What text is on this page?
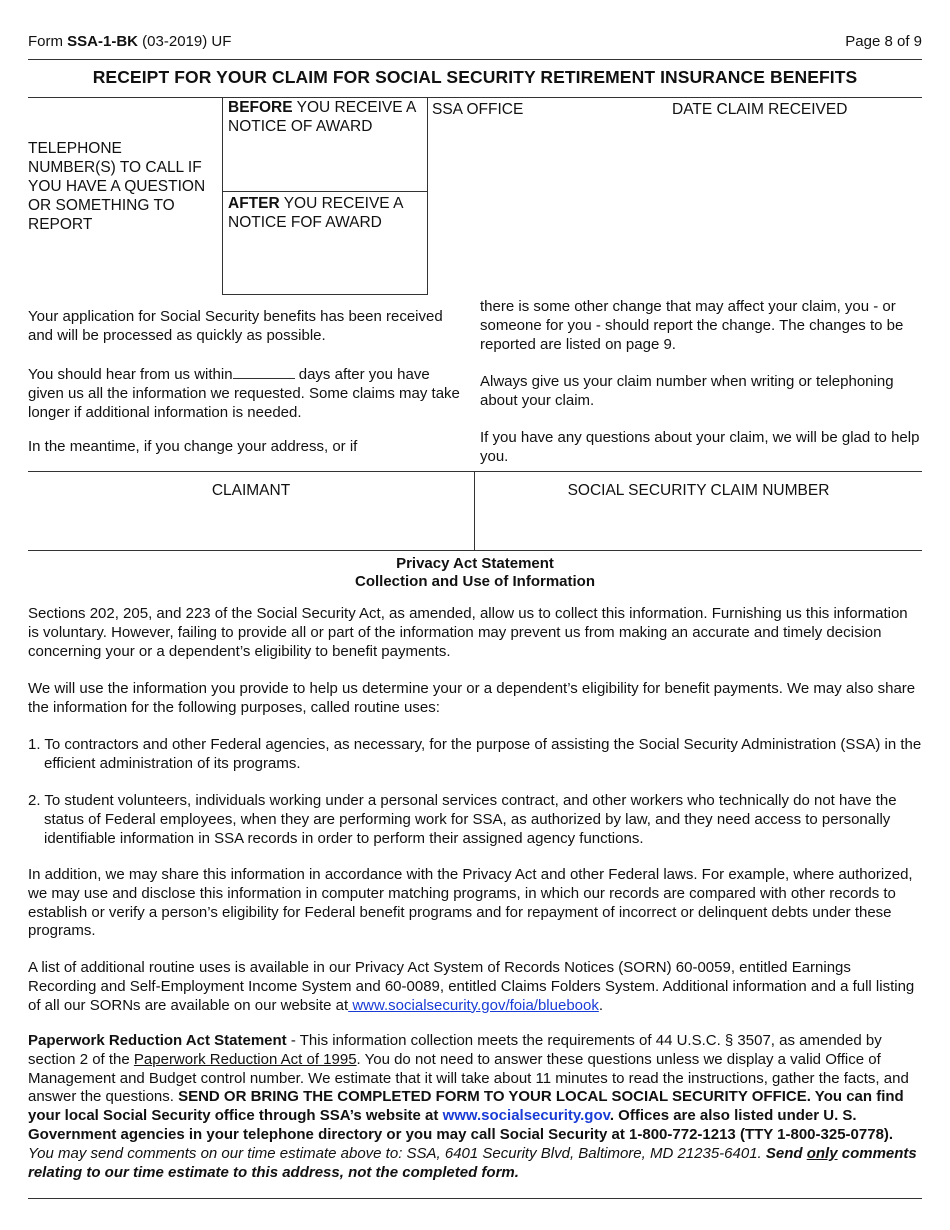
Form SSA-1-BK (03-2019) UF	Page 8 of 9
RECEIPT FOR YOUR CLAIM FOR SOCIAL SECURITY RETIREMENT INSURANCE BENEFITS
TELEPHONE NUMBER(S) TO CALL IF YOU HAVE A QUESTION OR SOMETHING TO REPORT
BEFORE YOU RECEIVE A NOTICE OF AWARD
AFTER YOU RECEIVE A NOTICE FOF AWARD
SSA OFFICE	DATE CLAIM RECEIVED
Your application for Social Security benefits has been received and will be processed as quickly as possible.
You should hear from us within	days after you have given us all the information we requested. Some claims may take longer if additional information is needed.
In the meantime, if you change your address, or if
there is some other change that may affect your claim, you - or someone for you - should report the change. The changes to be reported are listed on page 9.
Always give us your claim number when writing or telephoning about your claim.
If you have any questions about your claim, we will be glad to help you.
CLAIMANT	SOCIAL SECURITY CLAIM NUMBER
Privacy Act Statement
Collection and Use of Information
Sections 202, 205, and 223 of the Social Security Act, as amended, allow us to collect this information. Furnishing us this information is voluntary. However, failing to provide all or part of the information may prevent us from making an accurate and timely decision concerning your or a dependent’s eligibility to benefit payments.
We will use the information you provide to help us determine your or a dependent’s eligibility for benefit payments. We may also share the information for the following purposes, called routine uses:
1. To contractors and other Federal agencies, as necessary, for the purpose of assisting the Social Security Administration (SSA) in the efficient administration of its programs.
2. To student volunteers, individuals working under a personal services contract, and other workers who technically do not have the status of Federal employees, when they are performing work for SSA, as authorized by law, and they need access to personally identifiable information in SSA records in order to perform their assigned agency functions.
In addition, we may share this information in accordance with the Privacy Act and other Federal laws. For example, where authorized, we may use and disclose this information in computer matching programs, in which our records are compared with other records to establish or verify a person’s eligibility for Federal benefit programs and for repayment of incorrect or delinquent debts under these programs.
A list of additional routine uses is available in our Privacy Act System of Records Notices (SORN) 60-0059, entitled Earnings Recording and Self-Employment Income System and 60-0089, entitled Claims Folders System. Additional information and a full listing of all our SORNs are available on our website at www.socialsecurity.gov/foia/bluebook.
Paperwork Reduction Act Statement - This information collection meets the requirements of 44 U.S.C. § 3507, as amended by section 2 of the Paperwork Reduction Act of 1995. You do not need to answer these questions unless we display a valid Office of Management and Budget control number. We estimate that it will take about 11 minutes to read the instructions, gather the facts, and answer the questions. SEND OR BRING THE COMPLETED FORM TO YOUR LOCAL SOCIAL SECURITY OFFICE. You can find your local Social Security office through SSA’s website at www.socialsecurity.gov. Offices are also listed under U. S. Government agencies in your telephone directory or you may call Social Security at 1-800-772-1213 (TTY 1-800-325-0778). You may send comments on our time estimate above to: SSA, 6401 Security Blvd, Baltimore, MD 21235-6401. Send only comments relating to our time estimate to this address, not the completed form.
